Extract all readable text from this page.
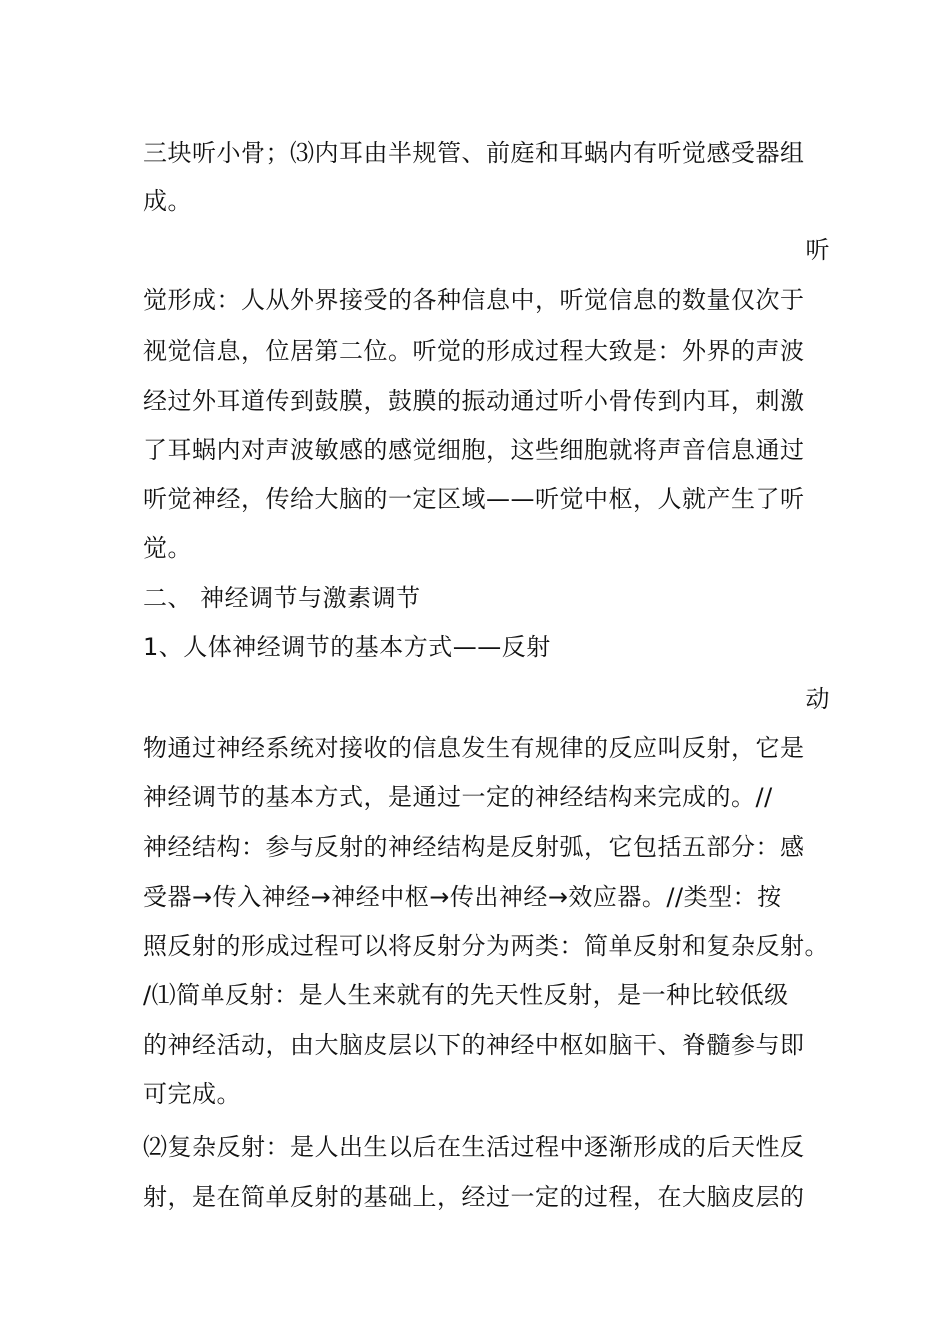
三块听小骨；⑶内耳由半规管、前庭和耳蜗内有听觉感受器组
成。
听
觉形成：人从外界接受的各种信息中，听觉信息的数量仅次于
视觉信息，位居第二位。听觉的形成过程大致是：外界的声波
经过外耳道传到鼓膜，鼓膜的振动通过听小骨传到内耳，刺激
了耳蜗内对声波敏感的感觉细胞，这些细胞就将声音信息通过
听觉神经，传给大脑的一定区域——听觉中枢，人就产生了听
觉。
二、 神经调节与激素调节
1、人体神经调节的基本方式——反射
动
物通过神经系统对接收的信息发生有规律的反应叫反射，它是
神经调节的基本方式，是通过一定的神经结构来完成的。//
神经结构：参与反射的神经结构是反射弧，它包括五部分：感
受器→传入神经→神经中枢→传出神经→效应器。//类型：按
照反射的形成过程可以将反射分为两类：简单反射和复杂反射。
/⑴简单反射：是人生来就有的先天性反射，是一种比较低级
的神经活动，由大脑皮层以下的神经中枢如脑干、脊髓参与即
可完成。
⑵复杂反射：是人出生以后在生活过程中逐渐形成的后天性反
射，是在简单反射的基础上，经过一定的过程，在大脑皮层的
